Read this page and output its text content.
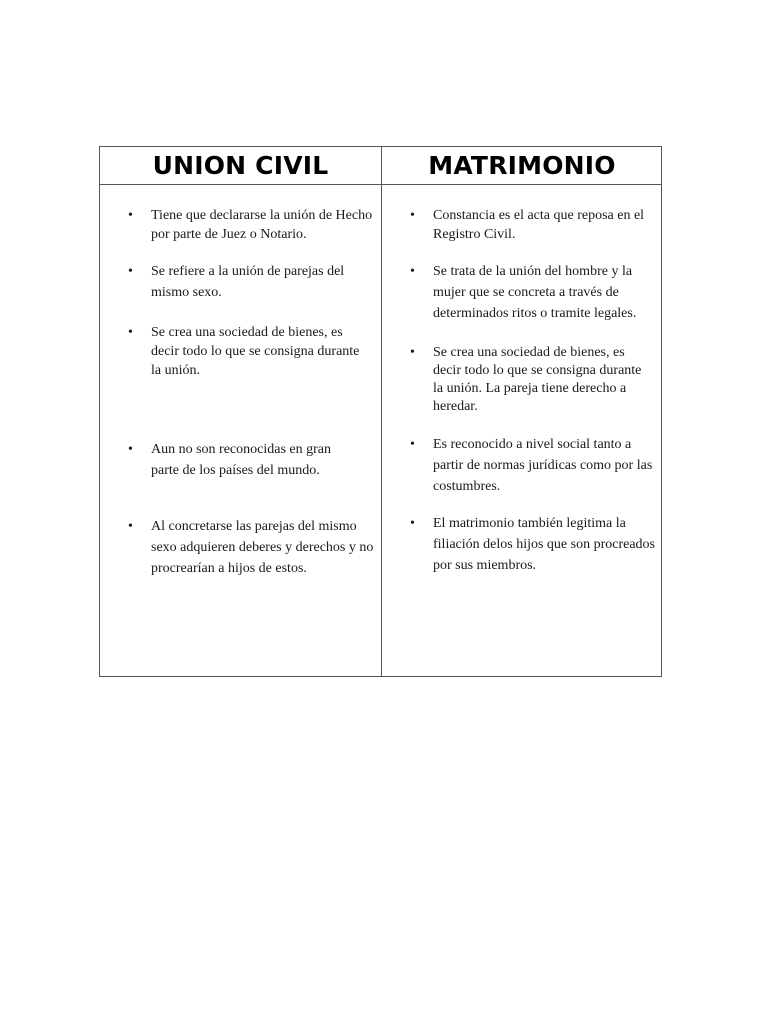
UNION CIVIL	MATRIMONIO
• Tiene que declararse la unión de Hecho por parte de Juez o Notario.
• Se refiere a la unión de parejas del mismo sexo.
• Se crea una sociedad de bienes, es decir todo lo que se consigna durante la unión.
• Aun no son reconocidas en gran parte de los países del mundo.
• Al concretarse las parejas del mismo sexo adquieren deberes y derechos y no procrearían a hijos de estos.
• Constancia es el acta que reposa en el Registro Civil.
• Se trata de la unión del hombre y la mujer que se concreta a través de determinados ritos o tramite legales.
• Se crea una sociedad de bienes, es decir todo lo que se consigna durante la unión. La pareja tiene derecho a heredar.
• Es reconocido a nivel social tanto a partir de normas jurídicas como por las costumbres.
• El matrimonio también legitima la filiación delos hijos que son procreados por sus miembros.
